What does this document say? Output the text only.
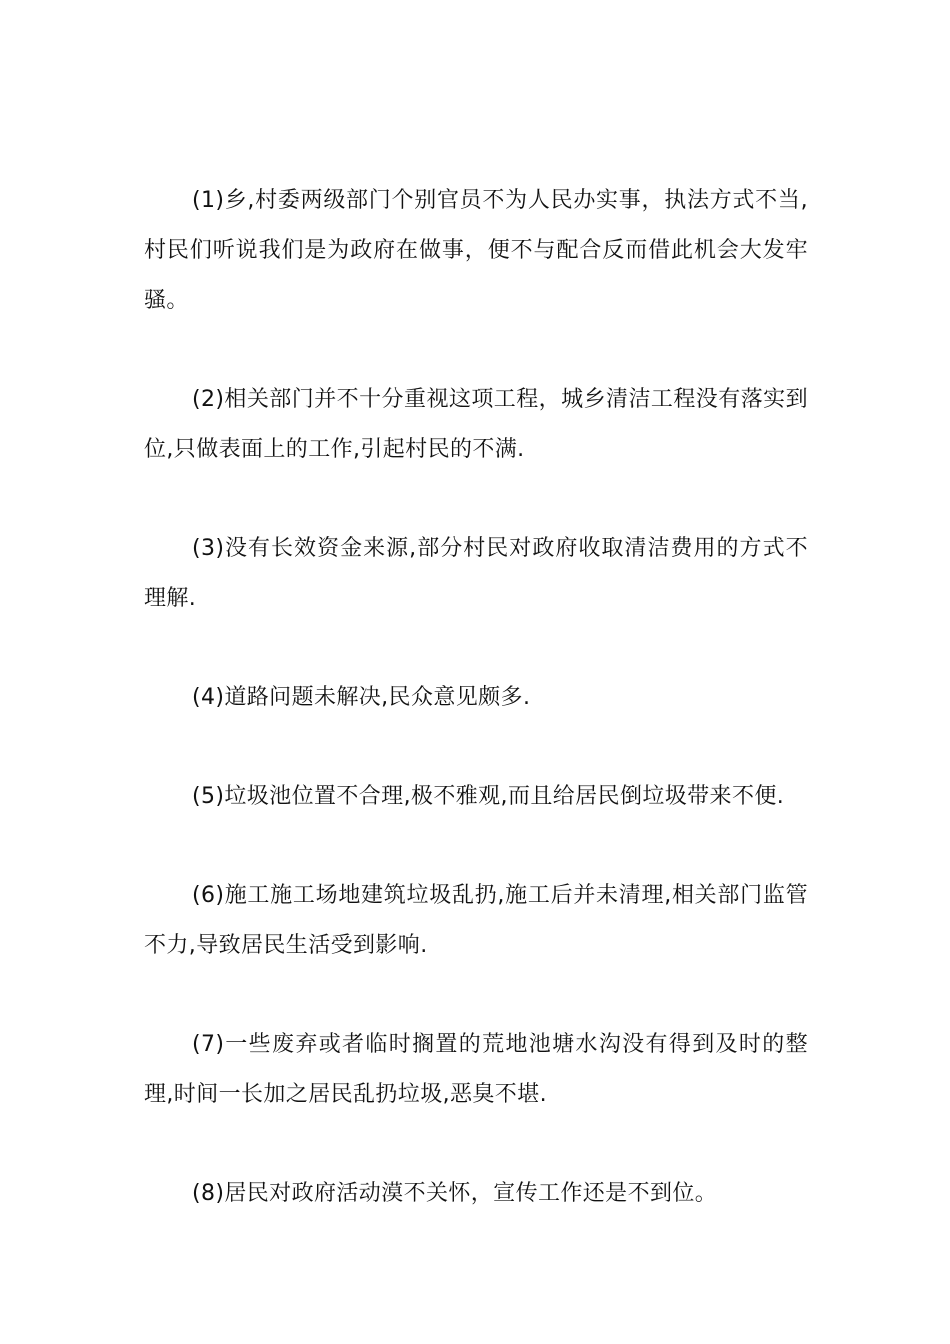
(1)乡,村委两级部门个别官员不为人民办实事，执法方式不当,村民们听说我们是为政府在做事，便不与配合反而借此机会大发牢骚。

(2)相关部门并不十分重视这项工程，城乡清洁工程没有落实到位,只做表面上的工作,引起村民的不满.

(3)没有长效资金来源,部分村民对政府收取清洁费用的方式不理解.

(4)道路问题未解决,民众意见颇多.

(5)垃圾池位置不合理,极不雅观,而且给居民倒垃圾带来不便.

(6)施工施工场地建筑垃圾乱扔,施工后并未清理,相关部门监管不力,导致居民生活受到影响.

(7)一些废弃或者临时搁置的荒地池塘水沟没有得到及时的整理,时间一长加之居民乱扔垃圾,恶臭不堪.

(8)居民对政府活动漠不关怀，宣传工作还是不到位。
